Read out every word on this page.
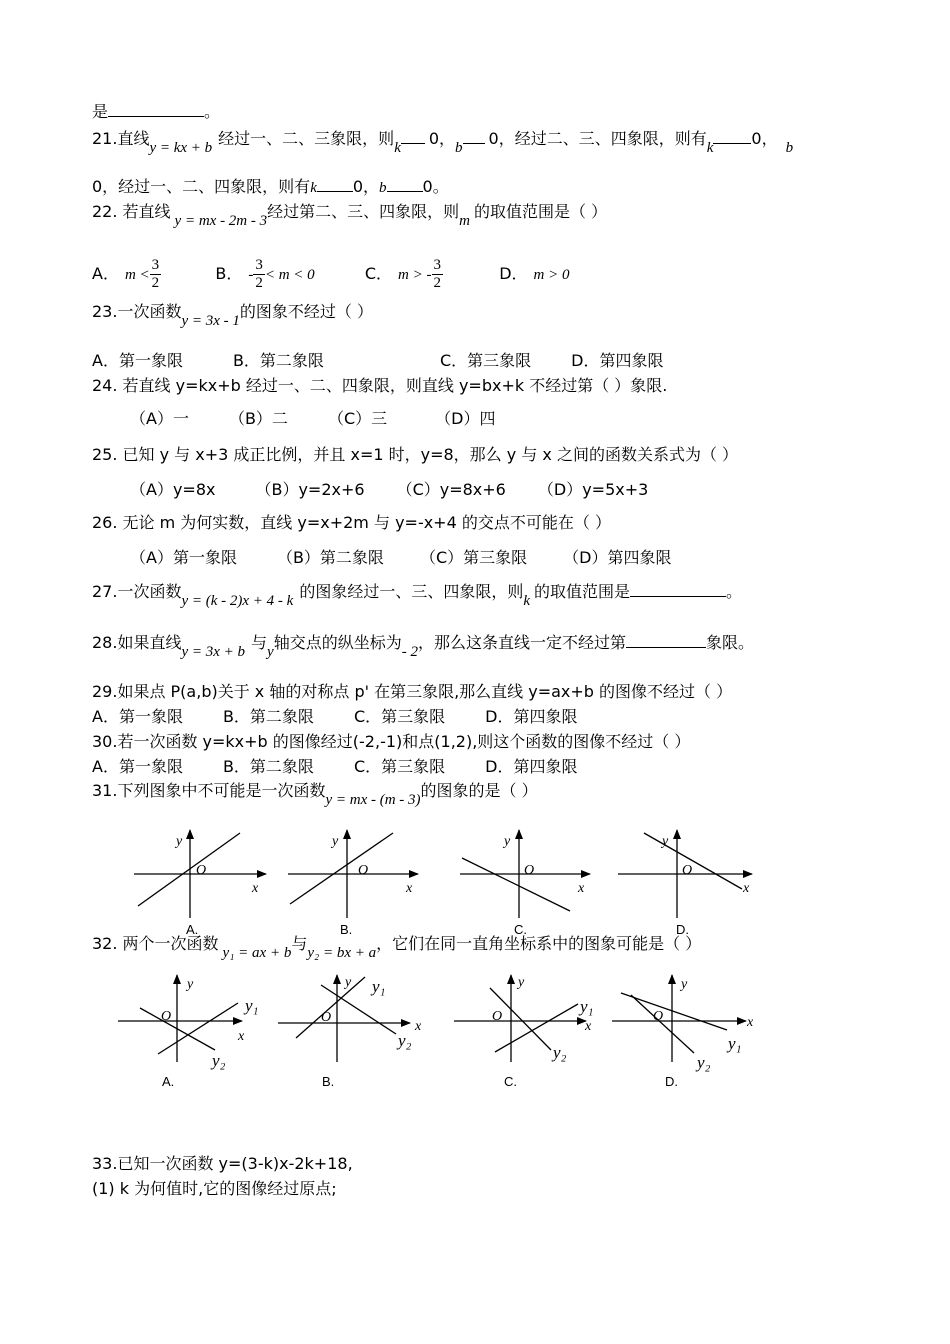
是	。
21.直线y = kx + b 经过一、二、三象限，则k 0，b 0，经过二、三、四象限，则有k 0， b
0，经过一、二、四象限，则有k 0，b 0。
22. 若直线 y = mx - 2m - 3经过第二、三、四象限，则m 的取值范围是（ ）
A． $m < \frac{3}{2}$	B． - $\frac{3}{2} < m < 0$	C． m > - $\frac{3}{2}$	D． m > 0
23.一次函数y = 3x - 1的图象不经过（ ）
A．第一象限	B．第二象限	C．第三象限	D．第四象限
24. 若直线 y=kx+b 经过一、二、四象限，则直线 y=bx+k 不经过第（ ）象限.
（A）一	（B）二	（C）三	（D）四
25. 已知 y 与 x+3 成正比例，并且 x=1 时，y=8，那么 y 与 x 之间的函数关系式为（ ）
（A）y=8x	（B）y=2x+6 （C）y=8x+6 （D）y=5x+3
26. 无论 m 为何实数，直线 y=x+2m 与 y=-x+4 的交点不可能在（ ）
（A）第一象限	（B）第二象限 （C）第三象限 （D）第四象限
27.一次函数y = (k - 2)x + 4 - k 的图象经过一、三、四象限，则k 的取值范围是	。
28.如果直线y = 3x + b 与y轴交点的纵坐标为- 2，那么这条直线一定不经过第	象限。
29.如果点 P(a,b)关于 x 轴的对称点 p' 在第三象限,那么直线 y=ax+b 的图像不经过（ ）
A．第一象限	B．第二象限	C．第三象限	D．第四象限
30.若一次函数 y=kx+b 的图像经过(-2,-1)和点(1,2),则这个函数的图像不经过（ ）
A．第一象限	B．第二象限	C．第三象限	D．第四象限
31.下列图象中不可能是一次函数y = mx - (m - 3)的图象的是（ ）
y
O
x
A.
y
O
x
B.
y
O
x
C.
y
O
x
D.
32. 两个一次函数 y₁ = ax + b与y₂ = bx + a，它们在同一直角坐标系中的图象可能是（ ）
y
O
x
y₁
y₂
A.
y
O
x
y₁
y₂
B.
y
O
x
y₁
y₂
C.
y
O	x
y₁
y₂
D.
33.已知一次函数 y=(3-k)x-2k+18,
(1) k 为何值时,它的图像经过原点;
